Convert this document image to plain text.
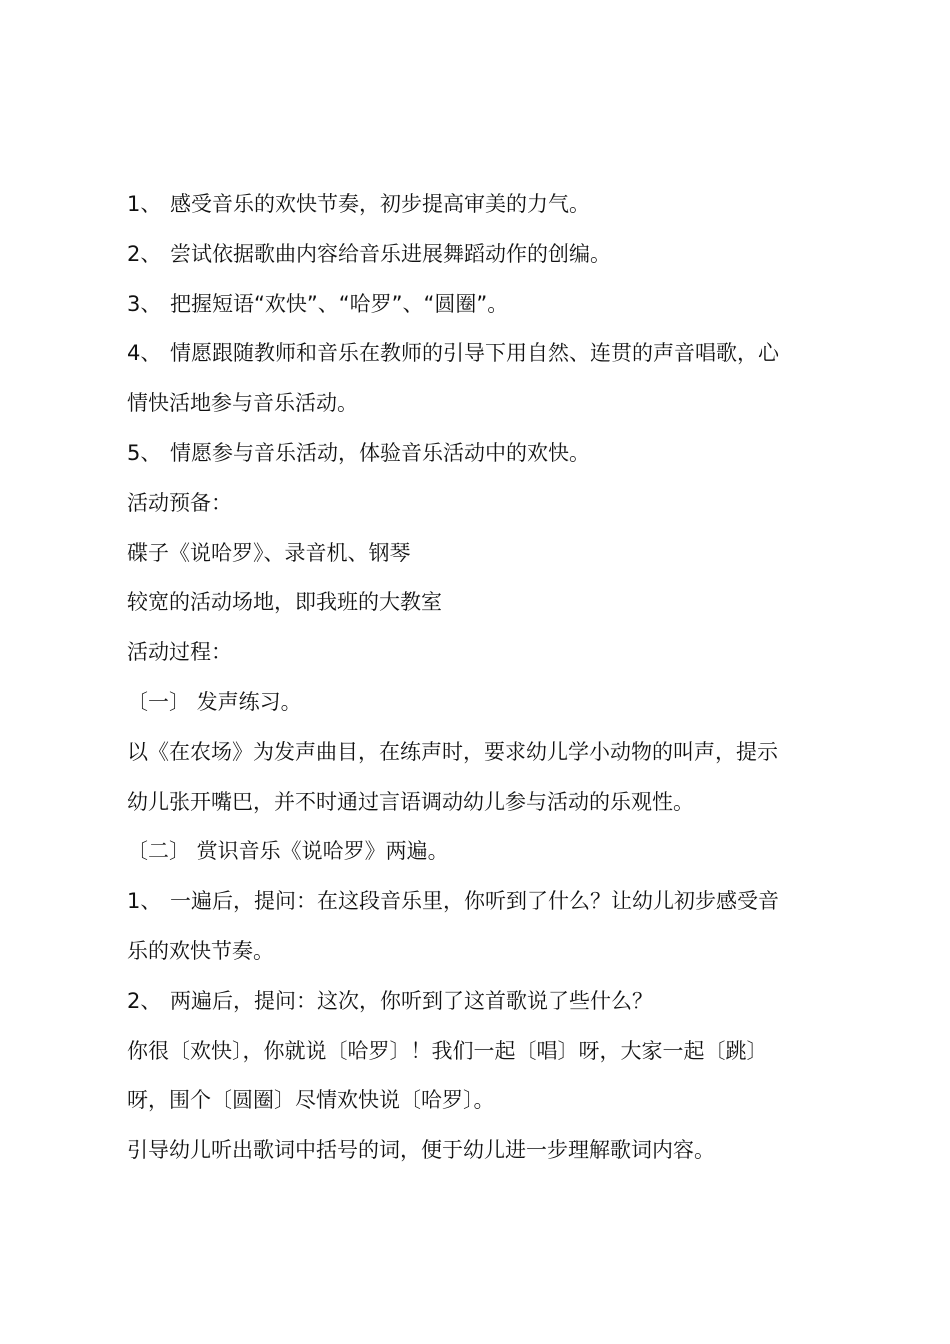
1、 感受音乐的欢快节奏，初步提高审美的力气。
2、 尝试依据歌曲内容给音乐进展舞蹈动作的创编。
3、 把握短语“欢快”、“哈罗”、“圆圈”。
4、 情愿跟随教师和音乐在教师的引导下用自然、连贯的声音唱歌，心
情快活地参与音乐活动。
5、 情愿参与音乐活动，体验音乐活动中的欢快。
活动预备：
碟子《说哈罗》、录音机、钢琴
较宽的活动场地，即我班的大教室
活动过程：
〔一〕 发声练习。
以《在农场》为发声曲目，在练声时，要求幼儿学小动物的叫声，提示
幼儿张开嘴巴，并不时通过言语调动幼儿参与活动的乐观性。
〔二〕 赏识音乐《说哈罗》两遍。
1、 一遍后，提问：在这段音乐里，你听到了什么？让幼儿初步感受音
乐的欢快节奏。
2、 两遍后，提问：这次，你听到了这首歌说了些什么？
你很〔欢快〕，你就说〔哈罗〕！我们一起〔唱〕呀，大家一起〔跳〕
呀，围个〔圆圈〕尽情欢快说〔哈罗〕。
引导幼儿听出歌词中括号的词，便于幼儿进一步理解歌词内容。
